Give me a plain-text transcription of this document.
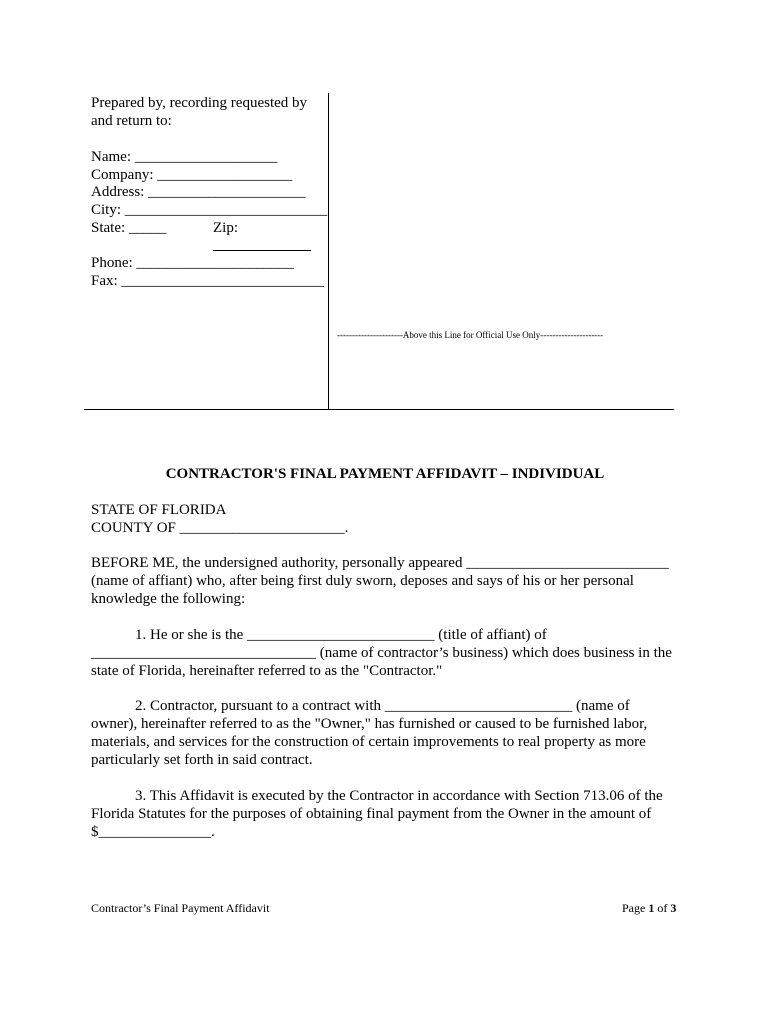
Prepared by, recording requested by
and return to:
Name: ___________________
Company: __________________
Address: _____________________
City: ___________________________
State: _____	Zip:
Phone: _____________________
Fax: ___________________________
----------------------Above this Line for Official Use Only---------------------
CONTRACTOR'S FINAL PAYMENT AFFIDAVIT – INDIVIDUAL
STATE OF FLORIDA
COUNTY OF ______________________.
BEFORE ME, the undersigned authority, personally appeared ___________________________
(name of affiant) who, after being first duly sworn, deposes and says of his or her personal
knowledge the following:
1. He or she is the _________________________ (title of affiant) of
______________________________ (name of contractor’s business) which does business in the
state of Florida, hereinafter referred to as the "Contractor."
2. Contractor, pursuant to a contract with _________________________ (name of
owner), hereinafter referred to as the "Owner," has furnished or caused to be furnished labor,
materials, and services for the construction of certain improvements to real property as more
particularly set forth in said contract.
3. This Affidavit is executed by the Contractor in accordance with Section 713.06 of the
Florida Statutes for the purposes of obtaining final payment from the Owner in the amount of
$_______________.
Contractor’s Final Payment Affidavit	Page 1 of 3
